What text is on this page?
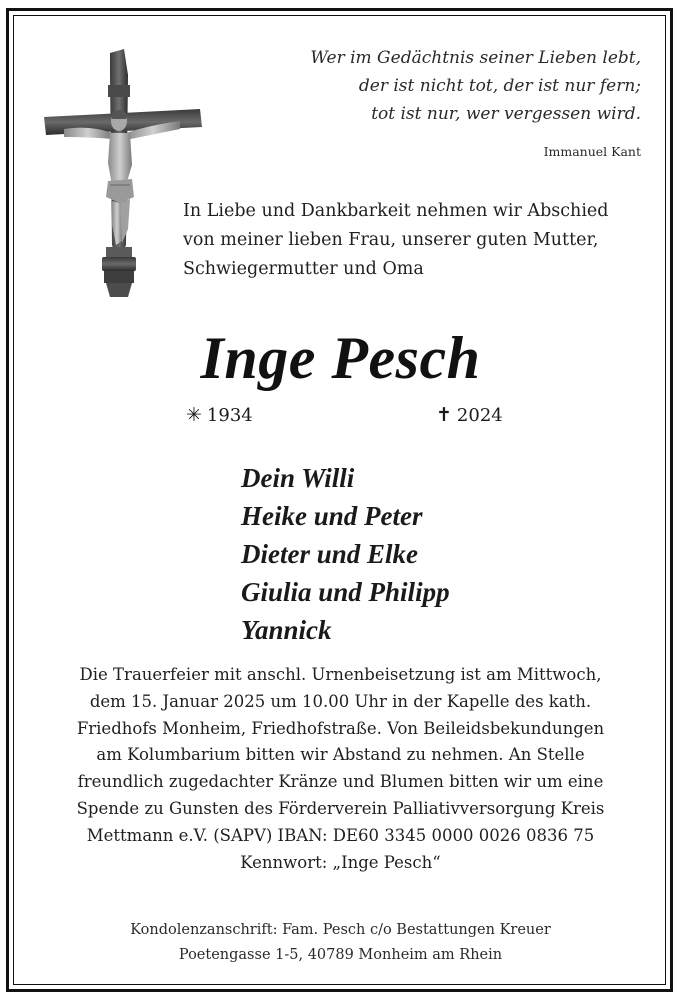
Wer im Gedächtnis seiner Lieben lebt,
der ist nicht tot, der ist nur fern;
tot ist nur, wer vergessen wird.
Immanuel Kant
In Liebe und Dankbarkeit nehmen wir Abschied
von meiner lieben Frau, unserer guten Mutter,
Schwiegermutter und Oma
Inge Pesch
✳ 1934	✝ 2024
Dein Willi
Heike und Peter
Dieter und Elke
Giulia und Philipp
Yannick
Die Trauerfeier mit anschl. Urnenbeisetzung ist am Mittwoch,
dem 15. Januar 2025 um 10.00 Uhr in der Kapelle des kath.
Friedhofs Monheim, Friedhofstraße. Von Beileidsbekundungen
am Kolumbarium bitten wir Abstand zu nehmen. An Stelle
freundlich zugedachter Kränze und Blumen bitten wir um eine
Spende zu Gunsten des Förderverein Palliativversorgung Kreis
Mettmann e.V. (SAPV) IBAN: DE60 3345 0000 0026 0836 75
Kennwort: „Inge Pesch“
Kondolenzanschrift: Fam. Pesch c/o Bestattungen Kreuer
Poetengasse 1-5, 40789 Monheim am Rhein
